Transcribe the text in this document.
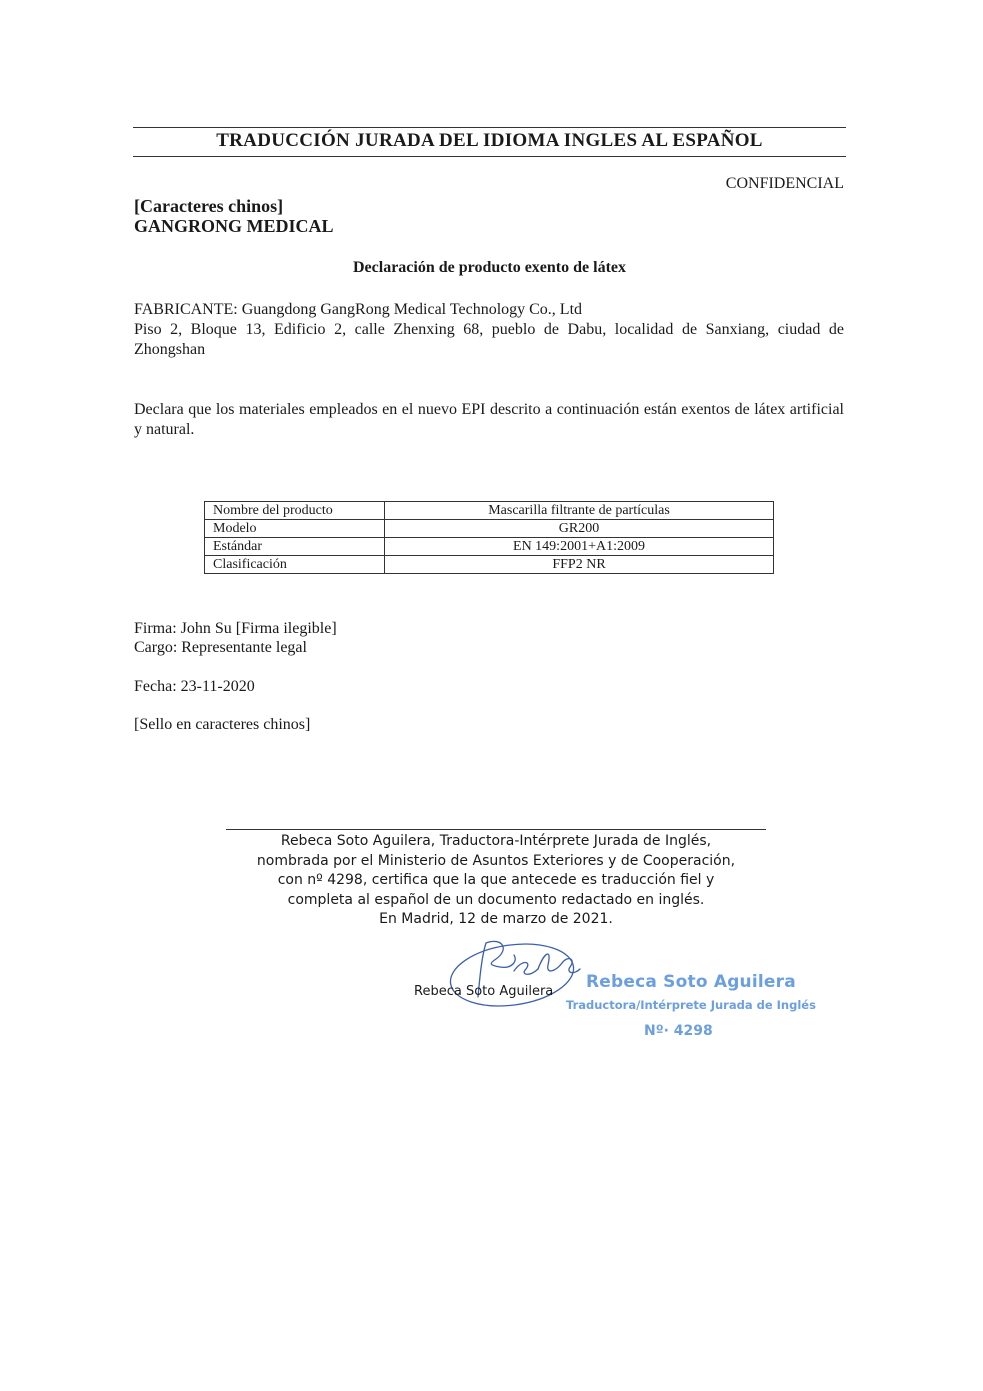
TRADUCCIÓN JURADA DEL IDIOMA INGLES AL ESPAÑOL
CONFIDENCIAL
[Caracteres chinos]
GANGRONG MEDICAL
Declaración de producto exento de látex
FABRICANTE: Guangdong GangRong Medical Technology Co., Ltd
Piso 2, Bloque 13, Edificio 2, calle Zhenxing 68, pueblo de Dabu, localidad de Sanxiang, ciudad de Zhongshan
Declara que los materiales empleados en el nuevo EPI descrito a continuación están exentos de látex artificial y natural.
Nombre del producto	Mascarilla filtrante de partículas
Modelo	GR200
Estándar	EN 149:2001+A1:2009
Clasificación	FFP2 NR
Firma: John Su [Firma ilegible]
Cargo: Representante legal
Fecha: 23-11-2020
[Sello en caracteres chinos]
Rebeca Soto Aguilera, Traductora-Intérprete Jurada de Inglés,
nombrada por el Ministerio de Asuntos Exteriores y de Cooperación,
con nº 4298, certifica que la que antecede es traducción fiel y
completa al español de un documento redactado en inglés.
En Madrid, 12 de marzo de 2021.
Rebeca Soto Aguilera Rebeca Soto Aguilera
Traductora/Intérprete Jurada de Inglés
Nº· 4298
